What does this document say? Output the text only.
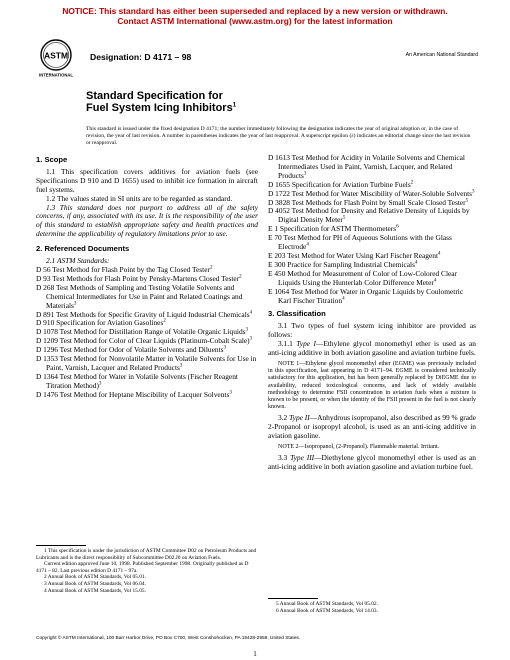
NOTICE: This standard has either been superseded and replaced by a new version or withdrawn.
Contact ASTM International (www.astm.org) for the latest information
ASTM
INTERNATIONAL
Designation: D 4171 – 98	An American National Standard
Standard Specification for
Fuel System Icing Inhibitors$^1$
This standard is issued under the fixed designation D 4171; the number immediately following the designation indicates the year of original adoption or, in the case of revision, the year of last revision. A number in parentheses indicates the year of last reapproval. A superscript epsilon (ε) indicates an editorial change since the last revision or reapproval.

1. Scope

1.1 This specification covers additives for aviation fuels (see Specifications D 910 and D 1655) used to inhibit ice formation in aircraft fuel systems.

1.2 The values stated in SI units are to be regarded as standard.

1.3 This standard does not purport to address all of the safety concerns, if any, associated with its use. It is the responsibility of the user of this standard to establish appropriate safety and health practices and determine the applicability of regulatory limitations prior to use.

2. Referenced Documents

2.1 ASTM Standards:

D 56 Test Method for Flash Point by the Tag Closed Tester$^2$

D 93 Test Methods for Flash Point by Pensky-Martens Closed Tester$^2$

D 268 Test Methods of Sampling and Testing Volatile Solvents and Chemical Intermediates for Use in Paint and Related Coatings and Materials$^3$

D 891 Test Methods for Specific Gravity of Liquid Industrial Chemicals$^4$

D 910 Specification for Aviation Gasolines$^2$

D 1078 Test Method for Distillation Range of Volatile Organic Liquids$^3$

D 1209 Test Method for Color of Clear Liquids (Platinum-Cobalt Scale)$^3$

D 1296 Test Method for Odor of Volatile Solvents and Diluents$^3$

D 1353 Test Method for Nonvolatile Matter in Volatile Solvents for Use in Paint, Varnish, Lacquer and Related Products$^3$

D 1364 Test Method for Water in Volatile Solvents (Fischer Reagent Titration Method)$^3$

D 1476 Test Method for Heptane Miscibility of Lacquer Solvents$^3$

D 1613 Test Method for Acidity in Volatile Solvents and Chemical Intermediates Used in Paint, Varnish, Lacquer, and Related Products$^3$

D 1655 Specification for Aviation Turbine Fuels$^2$

D 1722 Test Method for Water Miscibility of Water-Soluble Solvents$^3$

D 3828 Test Methods for Flash Point by Small Scale Closed Tester$^5$

D 4052 Test Method for Density and Relative Density of Liquids by Digital Density Meter$^5$

E 1 Specification for ASTM Thermometers$^6$

E 70 Test Method for PH of Aqueous Solutions with the Glass Electrode$^4$

E 203 Test Method for Water Using Karl Fischer Reagent$^4$

E 300 Practice for Sampling Industrial Chemicals$^4$

E 450 Method for Measurement of Color of Low-Colored Clear Liquids Using the Hunterlab Color Difference Meter$^4$

E 1064 Test Method for Water in Organic Liquids by Coulometric Karl Fischer Titration$^4$

3. Classification

3.1 Two types of fuel system icing inhibitor are provided as follows:

3.1.1 Type I—Ethylene glycol monomethyl ether is used as an anti-icing additive in both aviation gasoline and aviation turbine fuels.

NOTE 1—Ethylene glycol monomethyl ether (EGME) was previously included in this specification, last appearing in D 4171–94. EGME is considered technically satisfactory for this application, but has been generally replaced by DiEGME due to availability, reduced toxicological concerns, and lack of widely available methodology to determine FSII concentration in aviation fuels when a mixture is known to be present, or when the identity of the FSII present in the fuel is not clearly known.

3.2 Type II—Anhydrous isopropanol, also described as 99 % grade 2-Propanol or isopropyl alcohol, is used as an anti-icing additive in aviation gasoline.

NOTE 2—Isopropanol, (2-Propanol). Flammable material. Irritant.

3.3 Type III—Diethylene glycol monomethyl ether is used as an anti-icing additive in both aviation gasoline and aviation turbine fuel.

1 This specification is under the jurisdiction of ASTM Committee D02 on Petroleum Products and Lubricants and is the direct responsibility of Subcommittee D02.J0 on Aviation Fuels.

Current edition approved June 10, 1998. Published September 1998. Originally published as D 4171 – 82. Last previous edition D 4171 – 97a.

2 Annual Book of ASTM Standards, Vol 05.01.

3 Annual Book of ASTM Standards, Vol 06.04.

4 Annual Book of ASTM Standards, Vol 15.05.

5 Annual Book of ASTM Standards, Vol 05.02.

6 Annual Book of ASTM Standards, Vol 14.03.

Copyright © ASTM International, 100 Barr Harbor Drive, PO Box C700, West Conshohocken, PA 19428-2959, United States.
1
